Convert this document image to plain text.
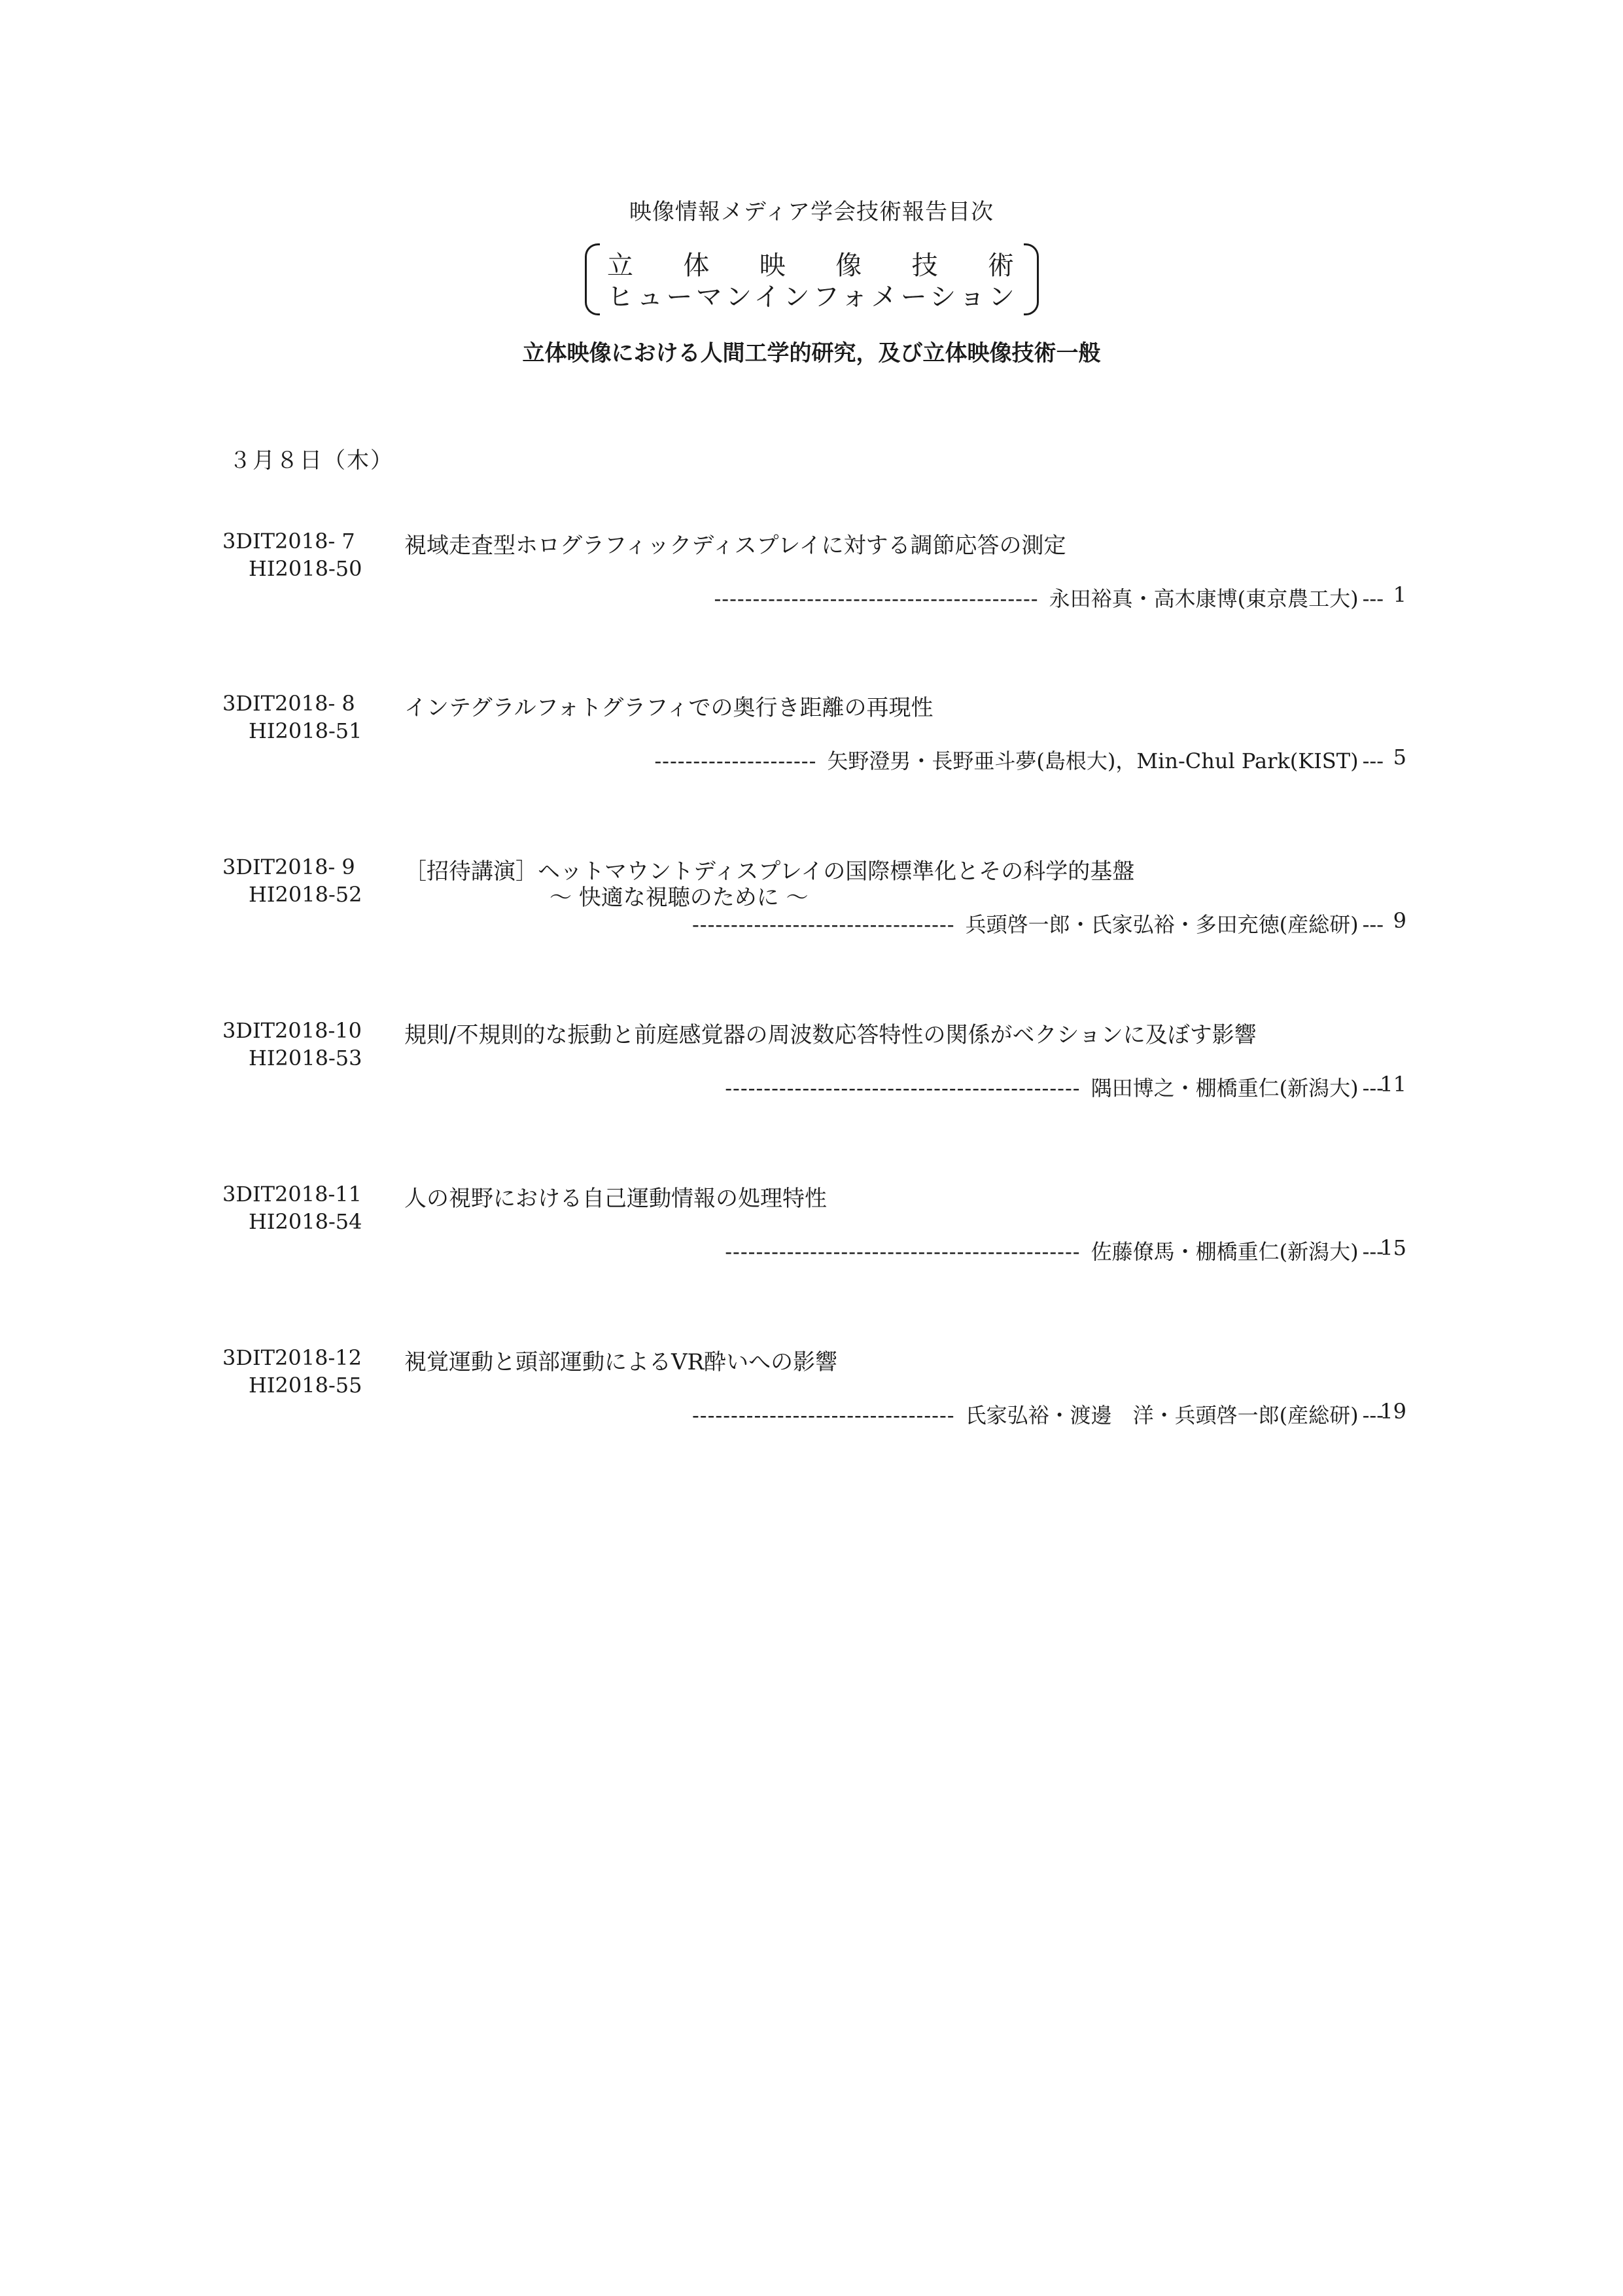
映像情報メディア学会技術報告目次
立体映像技術
ヒューマンインフォメーション
立体映像における人間工学的研究，及び立体映像技術一般
３月８日（木）
3DIT2018- 7
HI2018-50
視域走査型ホログラフィックディスプレイに対する調節応答の測定
------------------------------------------ 永田裕真・高木康博(東京農工大) --- 1
3DIT2018- 8
HI2018-51
インテグラルフォトグラフィでの奥行き距離の再現性
--------------------- 矢野澄男・長野亜斗夢(島根大)，Min-Chul Park(KIST) --- 5
3DIT2018- 9
HI2018-52
［招待講演］ヘットマウントディスプレイの国際標準化とその科学的基盤
～ 快適な視聴のために ～
---------------------------------- 兵頭啓一郎・氏家弘裕・多田充徳(産総研) --- 9
3DIT2018-10
HI2018-53
規則/不規則的な振動と前庭感覚器の周波数応答特性の関係がベクションに及ぼす影響
---------------------------------------------- 隅田博之・棚橋重仁(新潟大) ---
11
3DIT2018-11
HI2018-54
人の視野における自己運動情報の処理特性
---------------------------------------------- 佐藤僚馬・棚橋重仁(新潟大) ---
15
3DIT2018-12
HI2018-55
視覚運動と頭部運動によるVR酔いへの影響
---------------------------------- 氏家弘裕・渡邊　洋・兵頭啓一郎(産総研) ---
19
